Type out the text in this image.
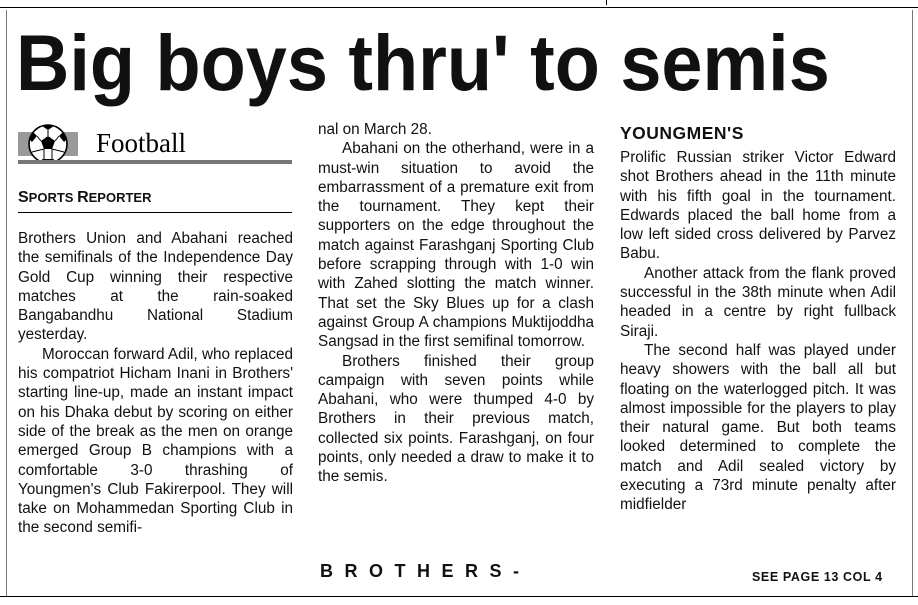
Big boys thru' to semis
Football
SPORTS REPORTER

Brothers Union and Abahani reached the semifinals of the Independence Day Gold Cup winning their respective matches at the rain-soaked Bangabandhu National Stadium yesterday.

Moroccan forward Adil, who replaced his compatriot Hicham Inani in Brothers' starting line-up, made an instant impact on his Dhaka debut by scoring on either side of the break as the men on orange emerged Group B champions with a comfortable 3-0 thrashing of Youngmen's Club Fakirerpool. They will take on Mohammedan Sporting Club in the second semifi-

nal on March 28.

Abahani on the otherhand, were in a must-win situation to avoid the embarrassment of a premature exit from the tournament. They kept their supporters on the edge throughout the match against Farashganj Sporting Club before scrapping through with 1-0 win with Zahed slotting the match winner. That set the Sky Blues up for a clash against Group A champions Muktijoddha Sangsad in the first semifinal tomorrow.

Brothers finished their group campaign with seven points while Abahani, who were thumped 4-0 by Brothers in their previous match, collected six points. Farashganj, on four points, only needed a draw to make it to the semis.

BROTHERS-
YOUNGMEN'S

Prolific Russian striker Victor Edward shot Brothers ahead in the 11th minute with his fifth goal in the tournament. Edwards placed the ball home from a low left sided cross delivered by Parvez Babu.

Another attack from the flank proved successful in the 38th minute when Adil headed in a centre by right fullback Siraji.

The second half was played under heavy showers with the ball all but floating on the waterlogged pitch. It was almost impossible for the players to play their natural game. But both teams looked determined to complete the match and Adil sealed victory by executing a 73rd minute penalty after midfielder

SEE PAGE 13 COL 4
